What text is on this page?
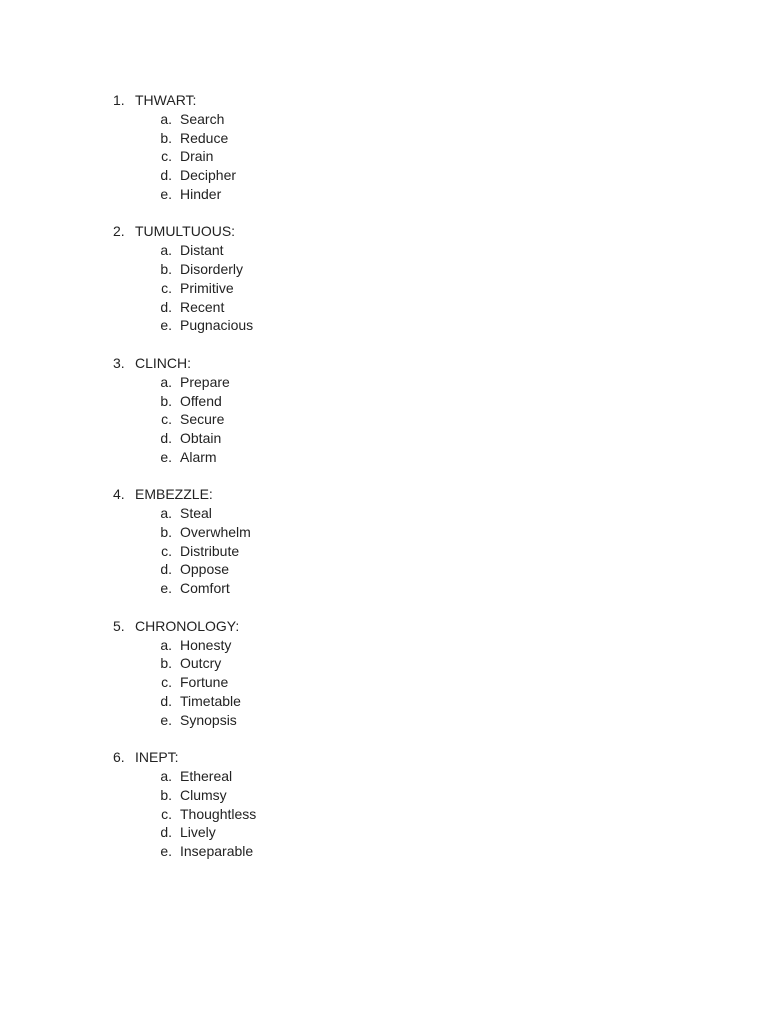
1. THWART:
a. Search
b. Reduce
c. Drain
d. Decipher
e. Hinder
2. TUMULTUOUS:
a. Distant
b. Disorderly
c. Primitive
d. Recent
e. Pugnacious
3. CLINCH:
a. Prepare
b. Offend
c. Secure
d. Obtain
e. Alarm
4. EMBEZZLE:
a. Steal
b. Overwhelm
c. Distribute
d. Oppose
e. Comfort
5. CHRONOLOGY:
a. Honesty
b. Outcry
c. Fortune
d. Timetable
e. Synopsis
6. INEPT:
a. Ethereal
b. Clumsy
c. Thoughtless
d. Lively
e. Inseparable
